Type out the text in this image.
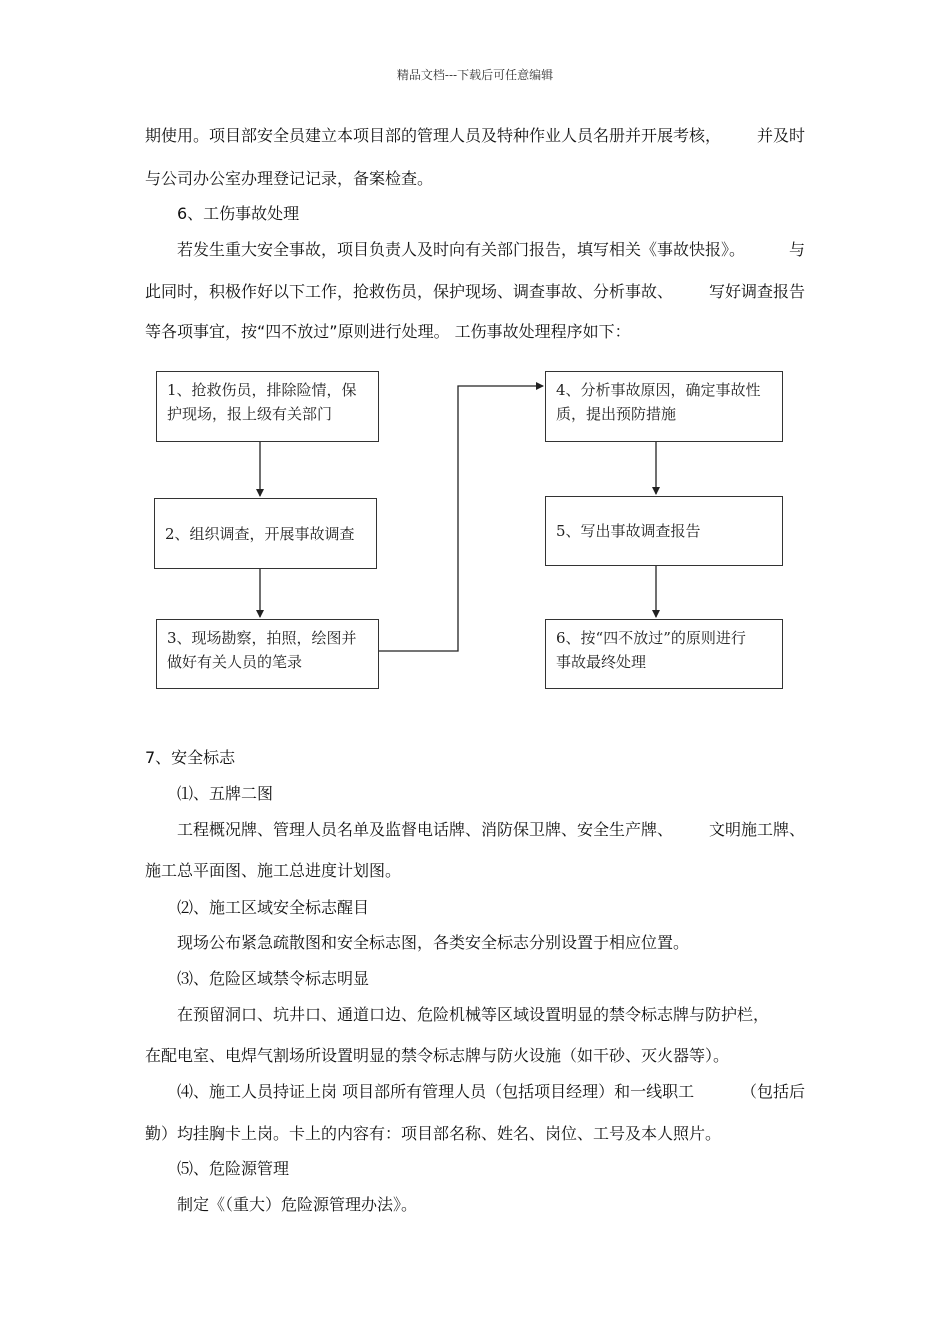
精品文档---下载后可任意编辑
期使用。项目部安全员建立本项目部的管理人员及特种作业人员名册并开展考核， 并及时
与公司办公室办理登记记录，备案检查。
6、工伤事故处理
若发生重大安全事故，项目负责人及时向有关部门报告，填写相关《事故快报》。	与
此同时，积极作好以下工作，抢救伤员，保护现场、调查事故、分析事故、 写好调查报告
等各项事宜，按“四不放过”原则进行处理。 工伤事故处理程序如下：
1、抢救伤员，排除险情，保
护现场，报上级有关部门
2、组织调查，开展事故调查
3、现场勘察，拍照，绘图并
做好有关人员的笔录
4、分析事故原因，确定事故性
质，提出预防措施
5、写出事故调查报告
6、按“四不放过”的原则进行
事故最终处理
7、安全标志
⑴、五牌二图
工程概况牌、管理人员名单及监督电话牌、消防保卫牌、安全生产牌、 文明施工牌、
施工总平面图、施工总进度计划图。
⑵、施工区域安全标志醒目
现场公布紧急疏散图和安全标志图，各类安全标志分别设置于相应位置。
⑶、危险区域禁令标志明显
在预留洞口、坑井口、通道口边、危险机械等区域设置明显的禁令标志牌与防护栏，
在配电室、电焊气割场所设置明显的禁令标志牌与防火设施（如干砂、灭火器等）。
⑷、施工人员持证上岗 项目部所有管理人员（包括项目经理）和一线职工	（包括后
勤）均挂胸卡上岗。卡上的内容有：项目部名称、姓名、岗位、工号及本人照片。
⑸、危险源管理
制定《（重大）危险源管理办法》。
